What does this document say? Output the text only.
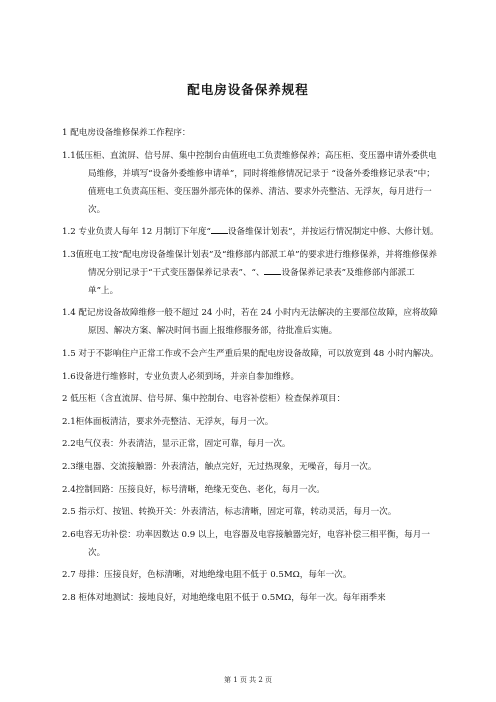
配电房设备保养规程

1 配电房设备维修保养工作程序：

1.1低压柜、直流屏、信号屏、集中控制台由值班电工负责维修保养；高压柜、变压器申请外委供电局维修，并填写“设备外委维修申请单”，同时将维修情况记录于 “设备外委维修记录表”中；值班电工负责高压柜、变压器外部壳体的保养、清洁、要求外壳整洁、无浮灰，每月进行一次。

1.2 专业负责人每年 12 月制订下年度“ 设备维保计划表”，并按运行情况制定中修、大修计划。

1.3值班电工按“配电房设备维保计划表”及“维修部内部派工单”的要求进行维修保养，并将维修保养情况分别记录于“干式变压器保养记录表”、“、 设备保养记录表”及维修部内部派工单”上。

1.4 配记房设备故障维修一般不超过 24 小时，若在 24 小时内无法解决的主要部位故障，应将故障原因、解决方案、解决时间书面上报维修服务部，待批准后实施。

1.5 对于不影响住户正常工作或不会产生严重后果的配电房设备故障，可以放宽到 48 小时内解决。

1.6设备进行维修时，专业负责人必须到场，并亲自参加维修。

2 低压柜（含直流屏、信号屏、集中控制台、电容补偿柜）检查保养项目：

2.1柜体面板清洁，要求外壳整洁、无浮灰，每月一次。

2.2电气仪表：外表清洁，显示正常，固定可靠，每月一次。

2.3继电器、交流接触器：外表清洁，触点完好，无过热现象，无噪音，每月一次。

2.4控制回路：压接良好，标号清晰，绝缘无变色、老化，每月一次。

2.5 指示灯、按钮、转换开关：外表清洁，标志清晰，固定可靠，转动灵活，每月一次。

2.6电容无功补偿：功率因数达 0.9 以上，电容器及电容接触器完好，电容补偿三相平衡，每月一次。

2.7 母排：压接良好，色标清晰，对地绝缘电阻不低于 0.5MΩ，每年一次。

2.8 柜体对地测试：接地良好，对地绝缘电阻不低于 0.5MΩ，每年一次。每年雨季来

第 1 页 共 2 页
